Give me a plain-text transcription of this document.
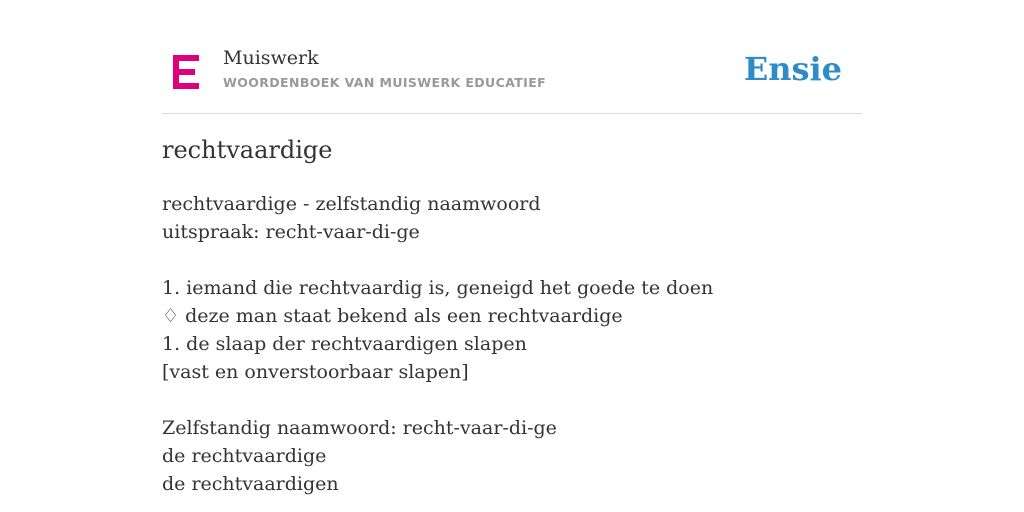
Muiswerk
WOORDENBOEK VAN MUISWERK EDUCATIEF	Ensie
rechtvaardige
rechtvaardige - zelfstandig naamwoord
uitspraak: recht-vaar-di-ge
1. iemand die rechtvaardig is, geneigd het goede te doen
♢ deze man staat bekend als een rechtvaardige
1. de slaap der rechtvaardigen slapen
[vast en onverstoorbaar slapen]
Zelfstandig naamwoord: recht-vaar-di-ge
de rechtvaardige
de rechtvaardigen
